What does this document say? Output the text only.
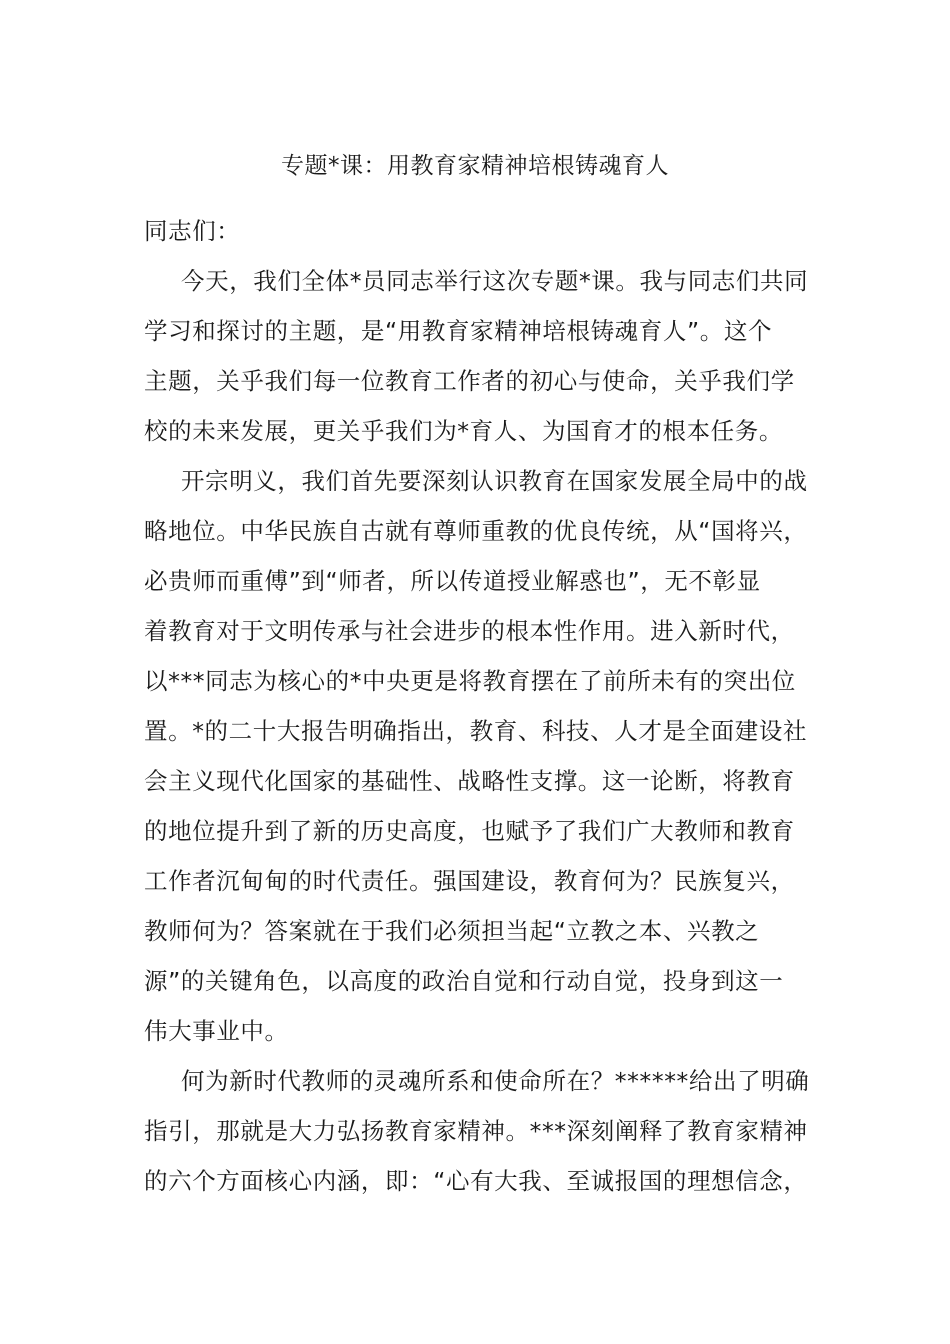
专题*课：用教育家精神培根铸魂育人
同志们：
今天，我们全体*员同志举行这次专题*课。我与同志们共同
学习和探讨的主题，是“用教育家精神培根铸魂育人”。这个
主题，关乎我们每一位教育工作者的初心与使命，关乎我们学
校的未来发展，更关乎我们为*育人、为国育才的根本任务。
开宗明义，我们首先要深刻认识教育在国家发展全局中的战
略地位。中华民族自古就有尊师重教的优良传统，从“国将兴，
必贵师而重傅”到“师者，所以传道授业解惑也”，无不彰显
着教育对于文明传承与社会进步的根本性作用。进入新时代，
以***同志为核心的*中央更是将教育摆在了前所未有的突出位
置。*的二十大报告明确指出，教育、科技、人才是全面建设社
会主义现代化国家的基础性、战略性支撑。这一论断，将教育
的地位提升到了新的历史高度，也赋予了我们广大教师和教育
工作者沉甸甸的时代责任。强国建设，教育何为？民族复兴，
教师何为？答案就在于我们必须担当起“立教之本、兴教之
源”的关键角色，以高度的政治自觉和行动自觉，投身到这一
伟大事业中。
何为新时代教师的灵魂所系和使命所在？******给出了明确
指引，那就是大力弘扬教育家精神。***深刻阐释了教育家精神
的六个方面核心内涵，即：“心有大我、至诚报国的理想信念，
